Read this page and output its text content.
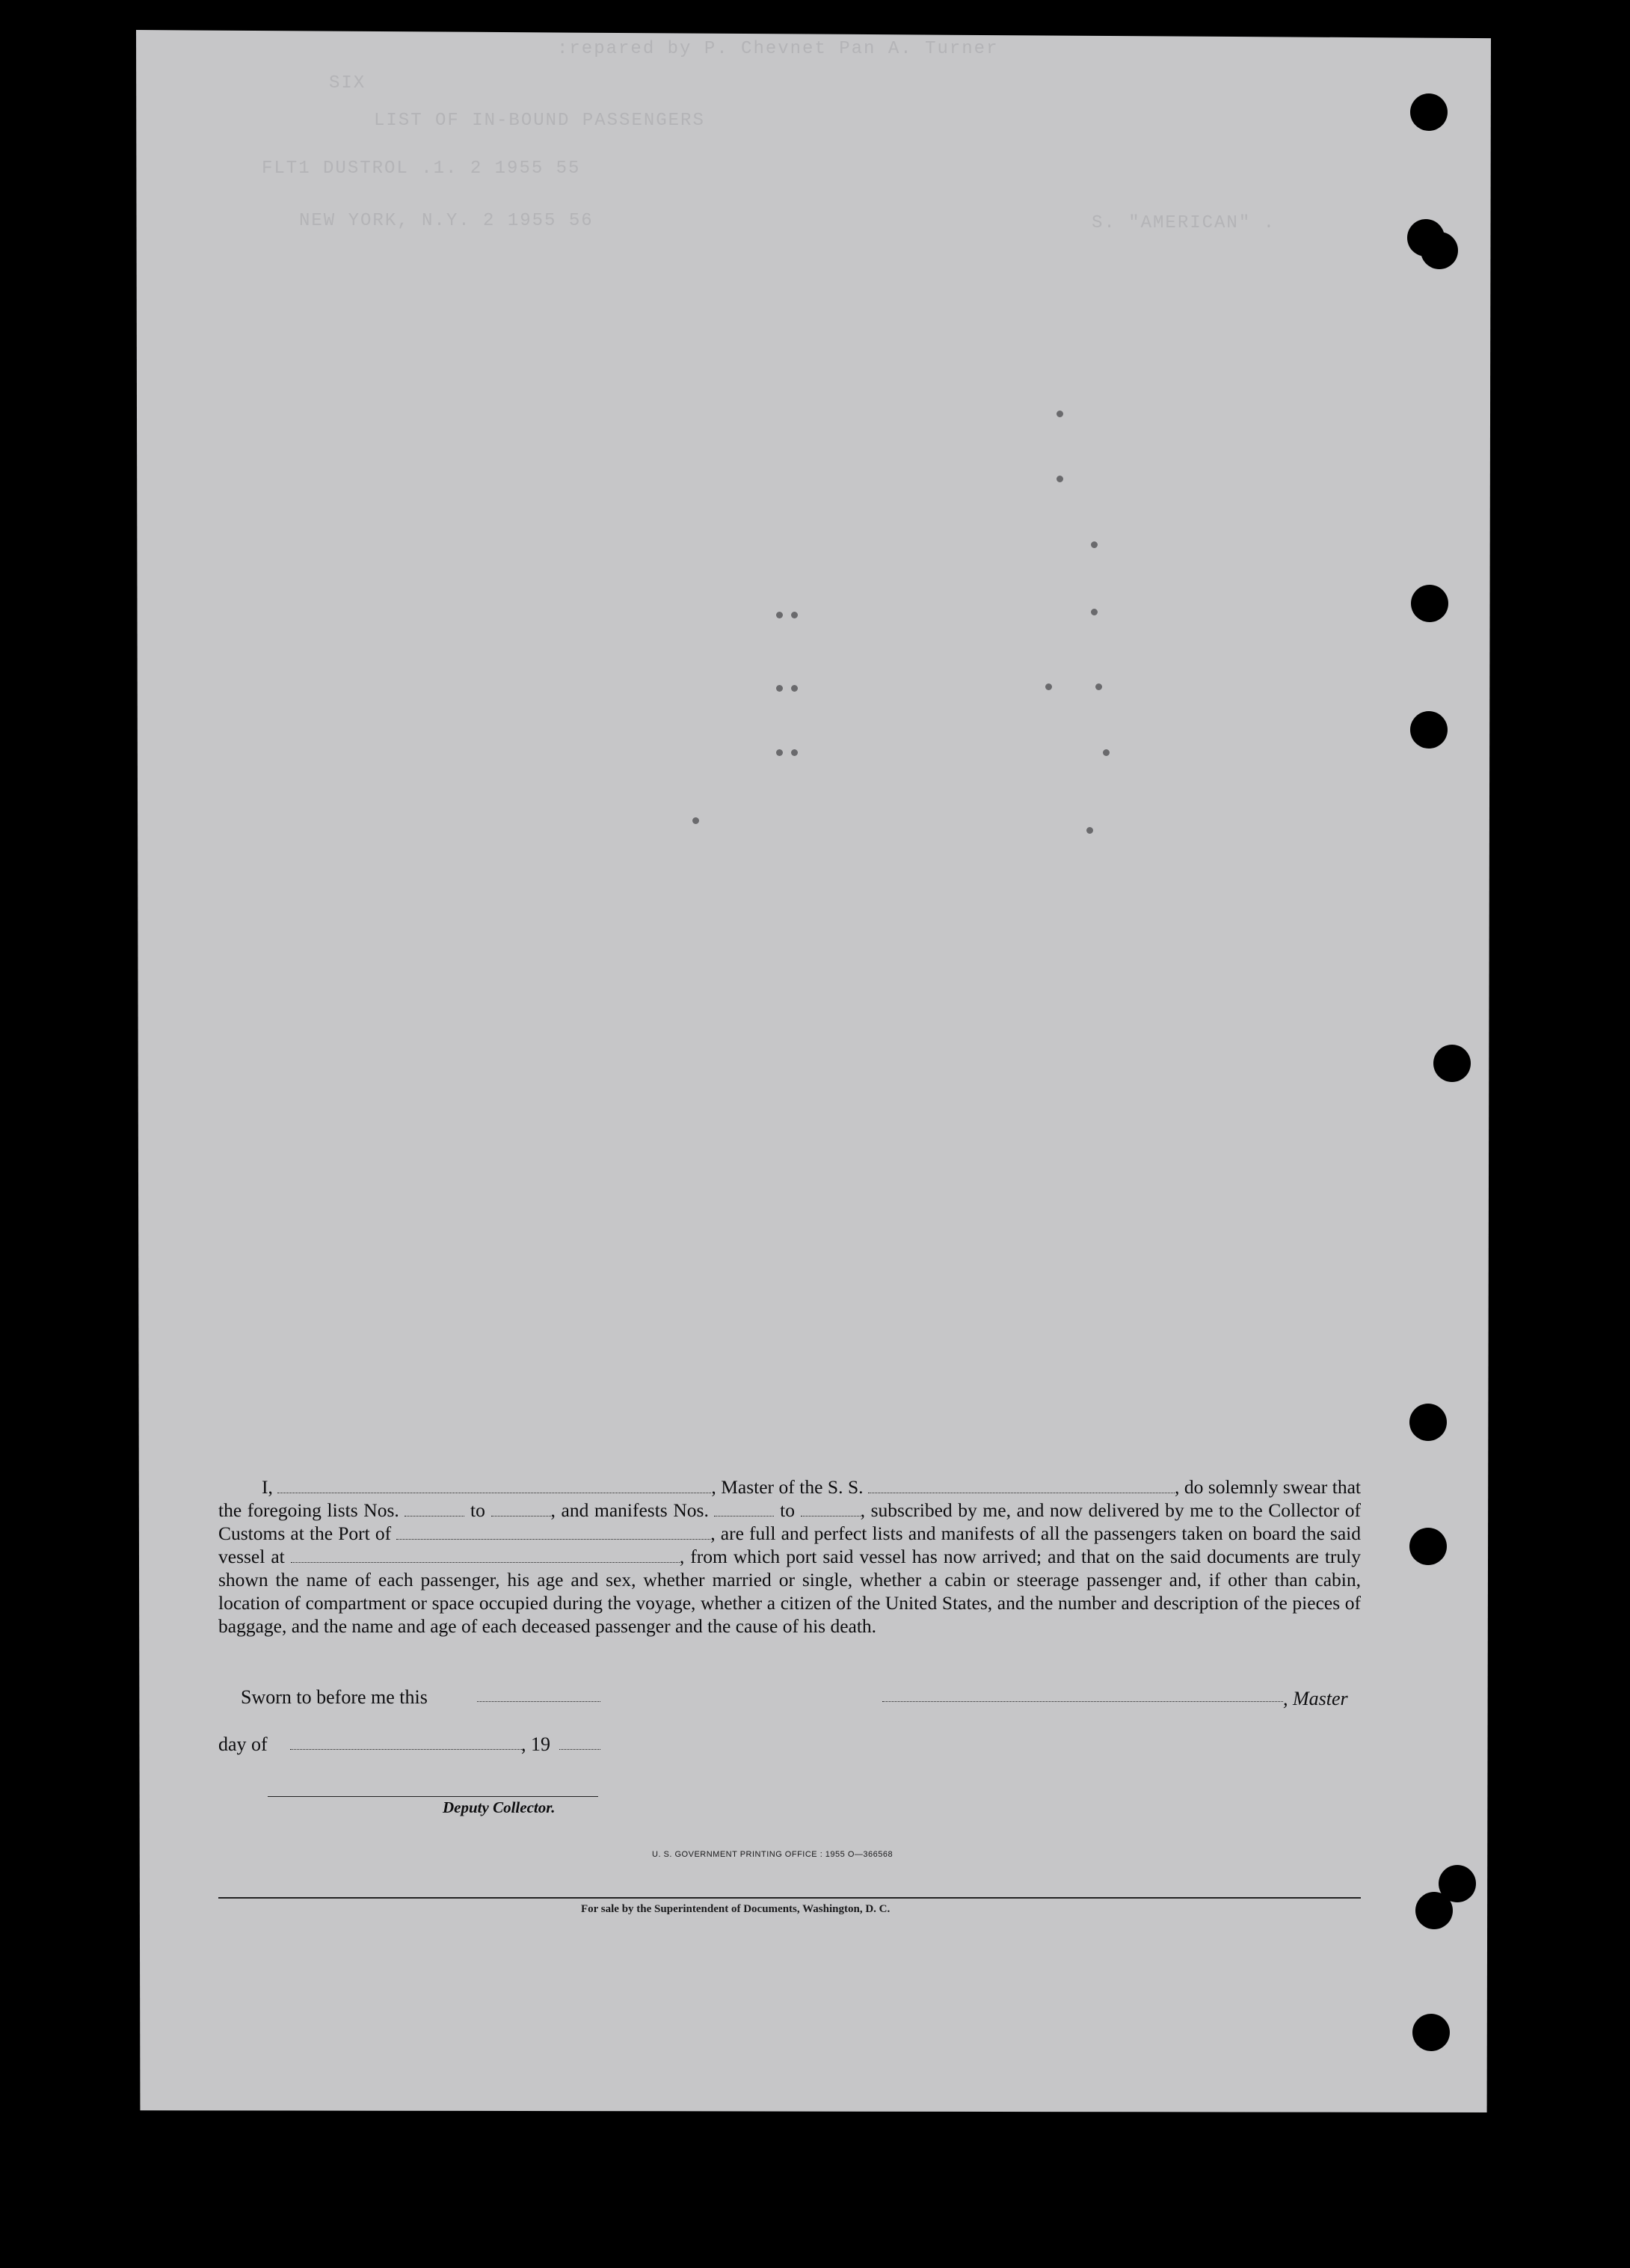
:repared by P. Chevnet Pan A. Turner
SIX
LIST OF IN-BOUND PASSENGERS
FLT1 DUSTROL .1. 2 1955 55
NEW YORK, N.Y. 2 1955 56	S. "AMERICAN" .
I,	, Master of the S. S.	, do solemnly swear that the foregoing lists Nos.	to	, and manifests Nos.	to	, subscribed by me, and now delivered by me to the Collector of Customs at the Port of	, are full and perfect lists and manifests of all the passengers taken on board the said vessel at	, from which port said vessel has now arrived; and that on the said documents are truly shown the name of each passenger, his age and sex, whether married or single, whether a cabin or steerage passenger and, if other than cabin, location of compartment or space occupied during the voyage, whether a citizen of the United States, and the number and description of the pieces of baggage, and the name and age of each deceased passenger and the cause of his death.
Sworn to before me this	, Master
day of	, 19
Deputy Collector.
U. S. GOVERNMENT PRINTING OFFICE : 1955 O—366568
For sale by the Superintendent of Documents, Washington, D. C.
